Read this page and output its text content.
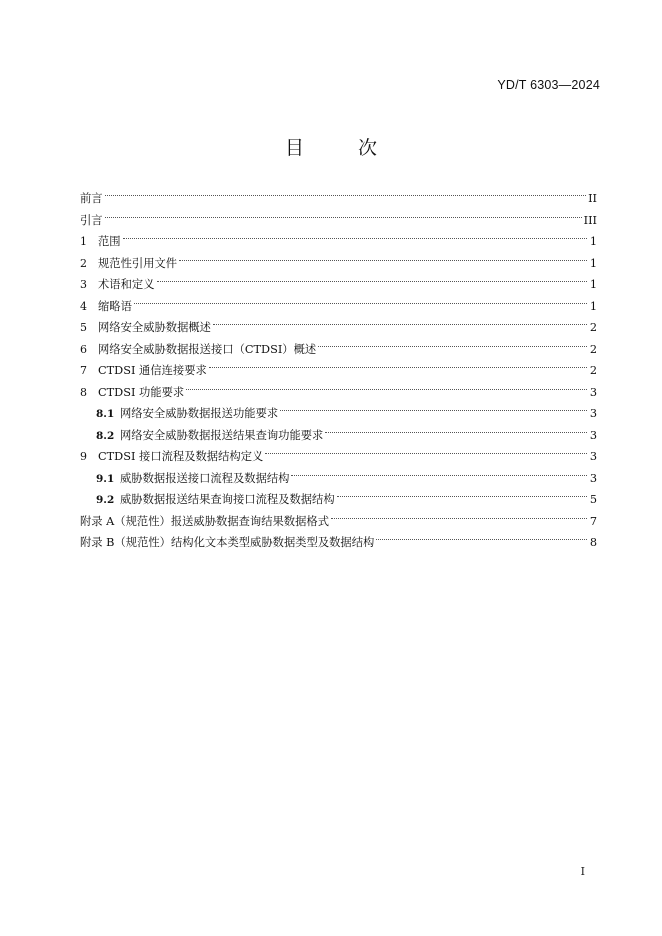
YD/T 6303—2024
目 次
前言	II
引言	III
1 范围	1
2 规范性引用文件	1
3 术语和定义	1
4 缩略语	1
5 网络安全威胁数据概述	2
6 网络安全威胁数据报送接口（CTDSI）概述	2
7 CTDSI 通信连接要求	2
8 CTDSI 功能要求	3
8.1 网络安全威胁数据报送功能要求	3
8.2 网络安全威胁数据报送结果查询功能要求	3
9 CTDSI 接口流程及数据结构定义	3
9.1 威胁数据报送接口流程及数据结构	3
9.2 威胁数据报送结果查询接口流程及数据结构	5
附录 A（规范性）报送威胁数据查询结果数据格式	7
附录 B（规范性）结构化文本类型威胁数据类型及数据结构	8
I
